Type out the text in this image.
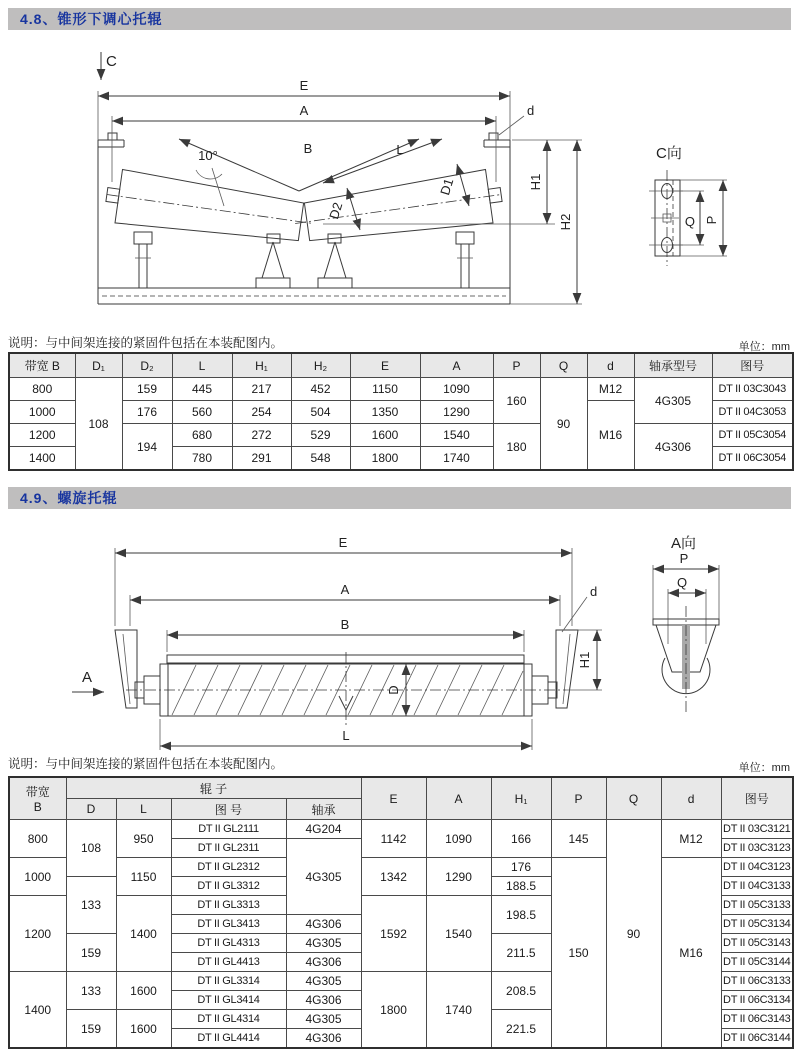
4.8、锥形下调心托辊
C
E
A
B	L
10°
d
D1
D2
H1
H2
C向
Q P
说明：与中间架连接的紧固件包括在本装配图内。	单位：mm
带宽 B	D₁	D₂	L	H₁	H₂	E	A	P	Q	d	轴承型号	图号
800	108	159	445	217	452	1150	1090	160	90	M12	4G305	DT II 03C3043
1000		176	560	254	504	1350	1290			M16		DT II 04C3053
1200		194	680	272	529	1600	1540	180			4G306	DT II 05C3054
1400			780	291	548	1800	1740					DT II 06C3054
4.9、螺旋托辊
A
E
A
B
d
D
H1
L
A向
P
Q
说明：与中间架连接的紧固件包括在本装配图内。	单位：mm
带宽
B	辊 子				E	A	H₁	P	Q	d	图号
	D	L	图 号	轴承							
800	108	950	DT II GL2111	4G204	1142	1090	166	145	90	M12	DT II 03C3121
			DT II GL2311	4G305							DT II 03C3123
1000		1150	DT II GL2312		1342	1290	176	150		M16	DT II 04C3123
	133		DT II GL3312				188.5				DT II 04C3133
1200		1400	DT II GL3313		1592	1540	198.5				DT II 05C3133
			DT II GL3413	4G306							DT II 05C3134
	159		DT II GL4313	4G305			211.5				DT II 05C3143
			DT II GL4413	4G306							DT II 05C3144
1400	133	1600	DT II GL3314	4G305	1800	1740	208.5				DT II 06C3133
			DT II GL3414	4G306							DT II 06C3134
	159	1600	DT II GL4314	4G305			221.5				DT II 06C3143
			DT II GL4414	4G306							DT II 06C3144
